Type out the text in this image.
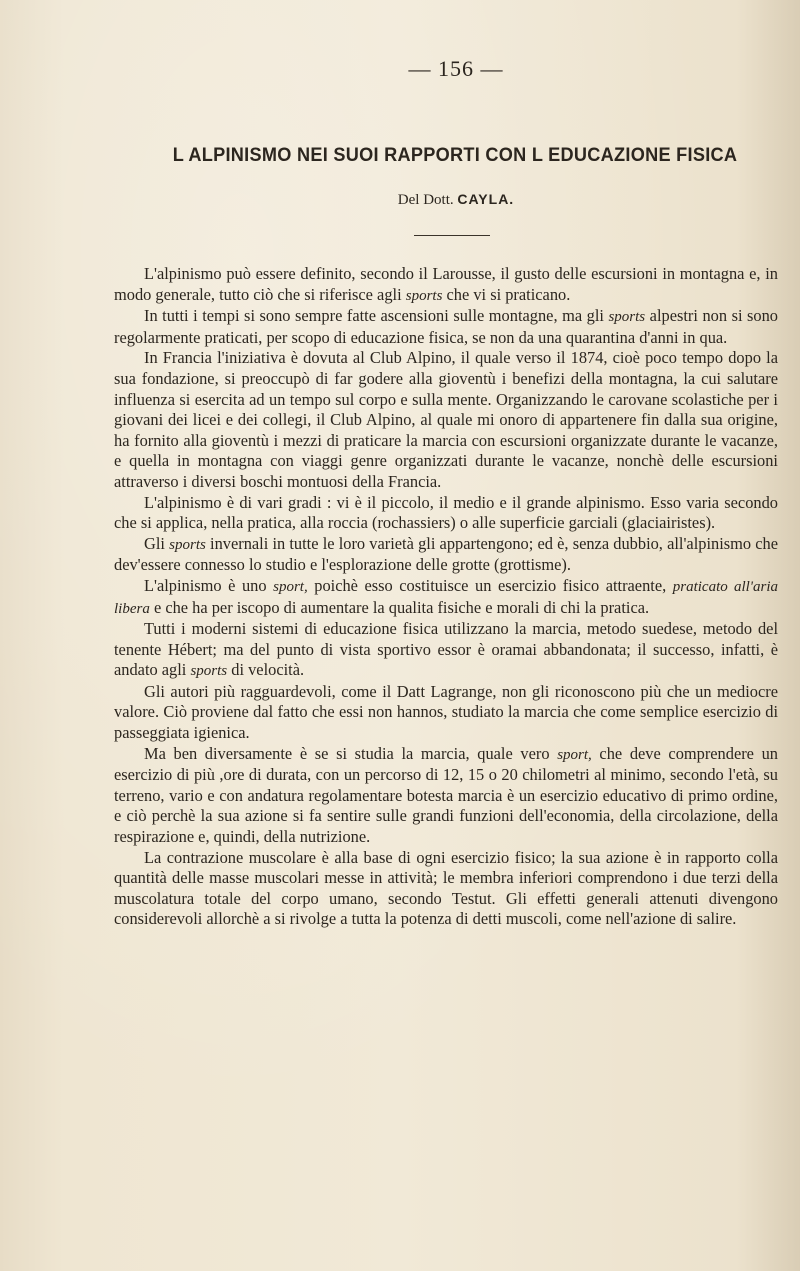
— 156 —
L ALPINISMO NEI SUOI RAPPORTI CON L EDUCAZIONE FISICA
Del Dott. CAYLA.

L'alpinismo può essere definito, secondo il Larousse, il gusto delle escursioni in montagna e, in modo generale, tutto ciò che si riferisce agli sports che vi si praticano.

In tutti i tempi si sono sempre fatte ascensioni sulle montagne, ma gli sports alpestri non si sono regolarmente praticati, per scopo di educazione fisica, se non da una quarantina d'anni in qua.

In Francia l'iniziativa è dovuta al Club Alpino, il quale verso il 1874, cioè poco tempo dopo la sua fondazione, si preoccupò di far godere alla gioventù i benefizi della montagna, la cui salutare influenza si esercita ad un tempo sul corpo e sulla mente. Organizzando le carovane scolastiche per i giovani dei licei e dei collegi, il Club Alpino, al quale mi onoro di appartenere fin dalla sua origine, ha fornito alla gioventù i mezzi di praticare la marcia con escursioni organizzate durante le vacanze, e quella in montagna con viaggi genre organizzati durante le vacanze, nonchè delle escursioni attraverso i diversi boschi montuosi della Francia.

L'alpinismo è di vari gradi : vi è il piccolo, il medio e il grande alpinismo. Esso varia secondo che si applica, nella pratica, alla roccia (rochassiers) o alle superficie garciali (glaciairistes).

Gli sports invernali in tutte le loro varietà gli appartengono; ed è, senza dubbio, all'alpinismo che dev'essere connesso lo studio e l'esplorazione delle grotte (grottisme).

L'alpinismo è uno sport, poichè esso costituisce un esercizio fisico attraente, praticato all'aria libera e che ha per iscopo di aumentare la qualita fisiche e morali di chi la pratica.

Tutti i moderni sistemi di educazione fisica utilizzano la marcia, metodo suedese, metodo del tenente Hébert; ma del punto di vista sportivo essor è oramai abbandonata; il successo, infatti, è andato agli sports di velocità.

Gli autori più ragguardevoli, come il Datt Lagrange, non gli riconoscono più che un mediocre valore. Ciò proviene dal fatto che essi non hannos, studiato la marcia che come semplice esercizio di passeggiata igienica.

Ma ben diversamente è se si studia la marcia, quale vero sport, che deve comprendere un esercizio di più ,ore di durata, con un percorso di 12, 15 o 20 chilometri al minimo, secondo l'età, su terreno, vario e con andatura regolamentare botesta marcia è un esercizio educativo di primo ordine, e ciò perchè la sua azione si fa sentire sulle grandi funzioni dell'economia, della circolazione, della respirazione e, quindi, della nutrizione.

La contrazione muscolare è alla base di ogni esercizio fisico; la sua azione è in rapporto colla quantità delle masse muscolari messe in attività; le membra inferiori comprendono i due terzi della muscolatura totale del corpo umano, secondo Testut. Gli effetti generali attenuti divengono considerevoli allorchè a si rivolge a tutta la potenza di detti muscoli, come nell'azione di salire.
